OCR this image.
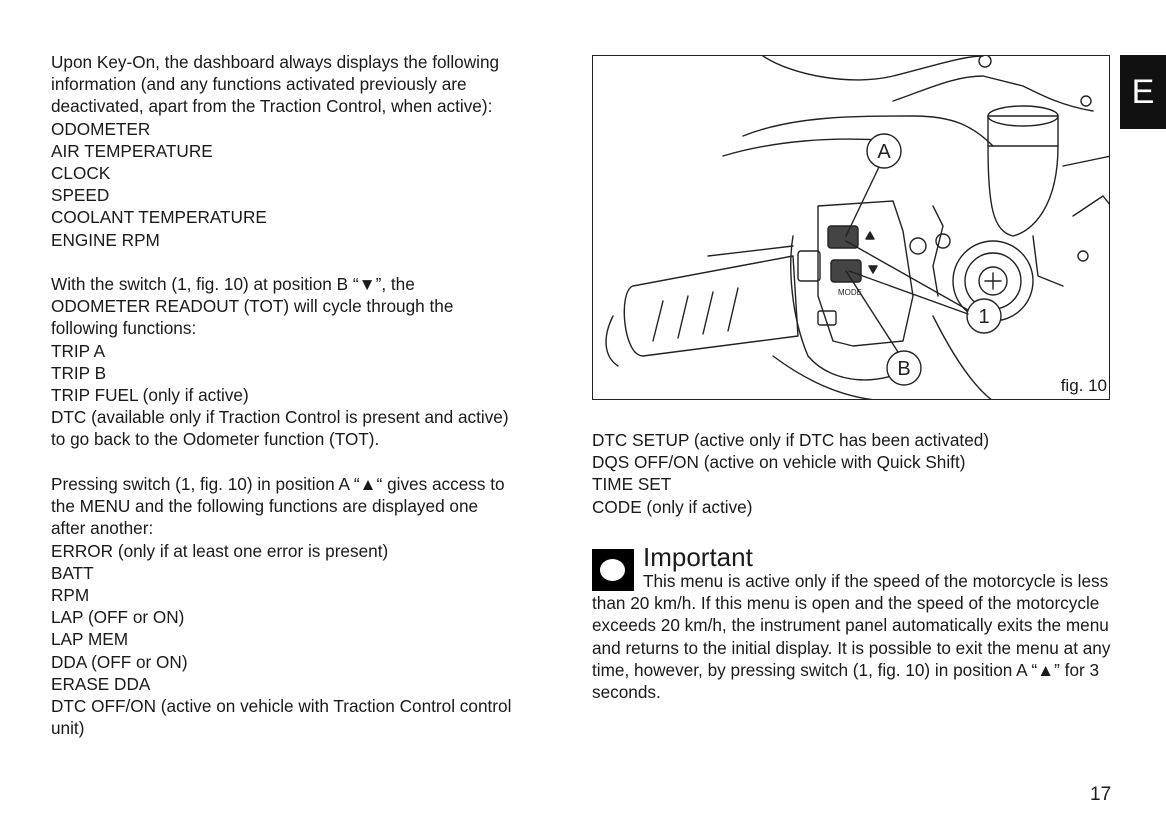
E
Upon Key-On, the dashboard always displays the following
information (and any functions activated previously are
deactivated, apart from the Traction Control, when active):
ODOMETER
AIR TEMPERATURE
CLOCK
SPEED
COOLANT TEMPERATURE
ENGINE RPM
With the switch (1, fig. 10) at position B “▼”, the
ODOMETER READOUT (TOT) will cycle through the
following functions:
TRIP A
TRIP B
TRIP FUEL (only if active)
DTC (available only if Traction Control is present and active)
to go back to the Odometer function (TOT).
Pressing switch (1, fig. 10) in position A “▲“ gives access to
the MENU and the following functions are displayed one
after another:
ERROR (only if at least one error is present)
BATT
RPM
LAP (OFF or ON)
LAP MEM
DDA (OFF or ON)
ERASE DDA
DTC OFF/ON (active on vehicle with Traction Control control
unit)
MODE
A
B
1
fig. 10
DTC SETUP (active only if DTC has been activated)
DQS OFF/ON (active on vehicle with Quick Shift)
TIME SET
CODE (only if active)
Important
This menu is active only if the speed of the motorcycle is less than 20 km/h. If this menu is open and the speed of the motorcycle exceeds 20 km/h, the instrument panel automatically exits the menu and returns to the initial display. It is possible to exit the menu at any time, however, by pressing switch (1, fig. 10) in position A “▲” for 3 seconds.
17
